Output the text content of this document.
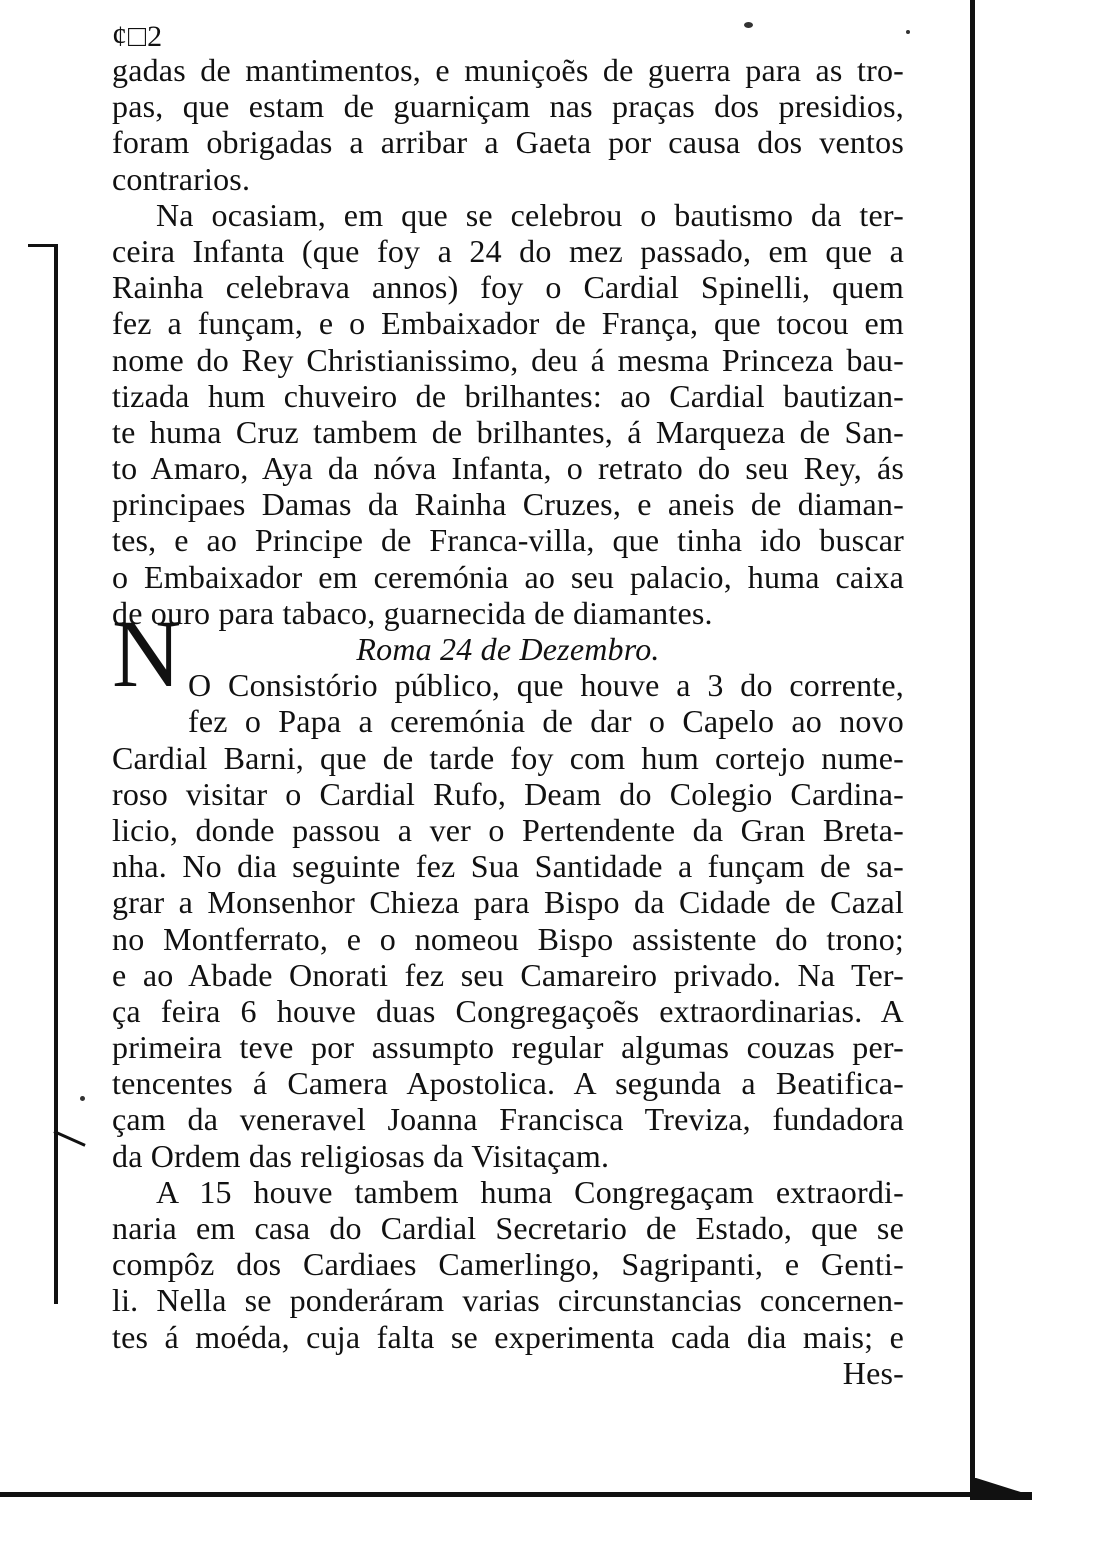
¢□2
N
gadas de mantimentos, e muniçoẽs de guerra para as tro-
pas, que estam de guarniçam nas praças dos presidios,
foram obrigadas a arribar a Gaeta por causa dos ventos
contrarios.
Na ocasiam, em que se celebrou o bautismo da ter-
ceira Infanta (que foy a 24 do mez passado, em que a
Rainha celebrava annos) foy o Cardial Spinelli, quem
fez a funçam, e o Embaixador de França, que tocou em
nome do Rey Christianissimo, deu á mesma Princeza bau-
tizada hum chuveiro de brilhantes: ao Cardial bautizan-
te huma Cruz tambem de brilhantes, á Marqueza de San-
to Amaro, Aya da nóva Infanta, o retrato do seu Rey, ás
principaes Damas da Rainha Cruzes, e aneis de diaman-
tes, e ao Principe de Franca-villa, que tinha ido buscar
o Embaixador em ceremónia ao seu palacio, huma caixa
de ouro para tabaco, guarnecida de diamantes.
Roma 24 de Dezembro.
O Consistório público, que houve a 3 do corrente,
fez o Papa a ceremónia de dar o Capelo ao novo
Cardial Barni, que de tarde foy com hum cortejo nume-
roso visitar o Cardial Rufo, Deam do Colegio Cardina-
licio, donde passou a ver o Pertendente da Gran Breta-
nha. No dia seguinte fez Sua Santidade a funçam de sa-
grar a Monsenhor Chieza para Bispo da Cidade de Cazal
no Montferrato, e o nomeou Bispo assistente do trono;
e ao Abade Onorati fez seu Camareiro privado. Na Ter-
ça feira 6 houve duas Congregaçoẽs extraordinarias. A
primeira teve por assumpto regular algumas couzas per-
tencentes á Camera Apostolica. A segunda a Beatifica-
çam da veneravel Joanna Francisca Treviza, fundadora
da Ordem das religiosas da Visitaçam.
A 15 houve tambem huma Congregaçam extraordi-
naria em casa do Cardial Secretario de Estado, que se
compôz dos Cardiaes Camerlingo, Sagripanti, e Genti-
li. Nella se ponderáram varias circunstancias concernen-
tes á moéda, cuja falta se experimenta cada dia mais; e
Hes-
